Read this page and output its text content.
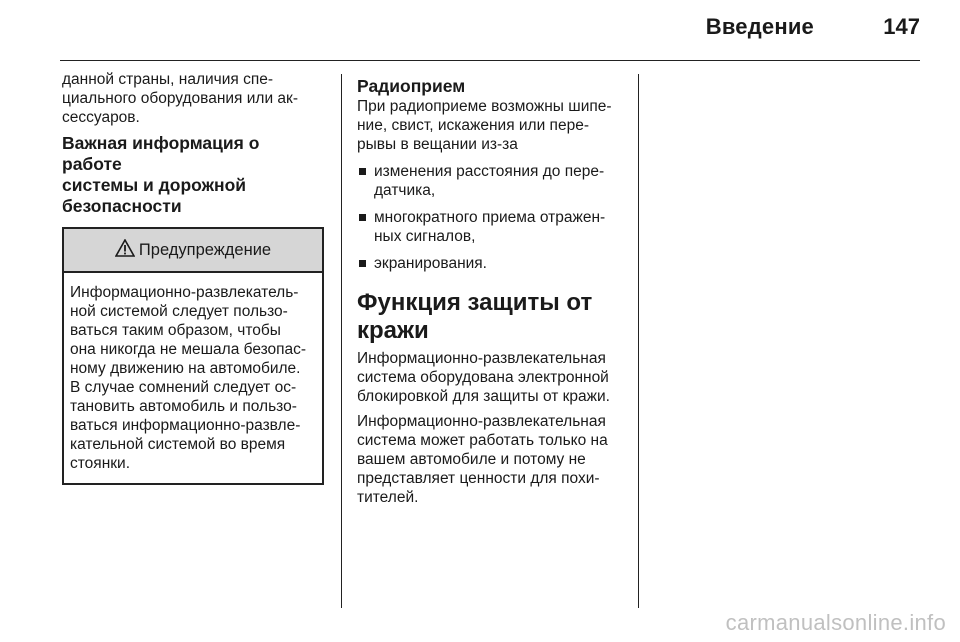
Введение	147

данной страны, наличия спе-
циального оборудования или ак-
сессуаров.

Важная информация о работе
системы и дорожной
безопасности
Предупреждение

Информационно-развлекатель-
ной системой следует пользо-
ваться таким образом, чтобы
она никогда не мешала безопас-
ному движению на автомобиле.
В случае сомнений следует ос-
тановить автомобиль и пользо-
ваться информационно-развле-
кательной системой во время
стоянки.

Радиоприем

При радиоприеме возможны шипе-
ние, свист, искажения или пере-
рывы в вещании из-за

изменения расстояния до пере-
датчика,

многократного приема отражен-
ных сигналов,

экранирования.

Функция защиты от
кражи

Информационно-развлекательная
система оборудована электронной
блокировкой для защиты от кражи.

Информационно-развлекательная
система может работать только на
вашем автомобиле и потому не
представляет ценности для похи-
тителей.

carmanualsonline.info
